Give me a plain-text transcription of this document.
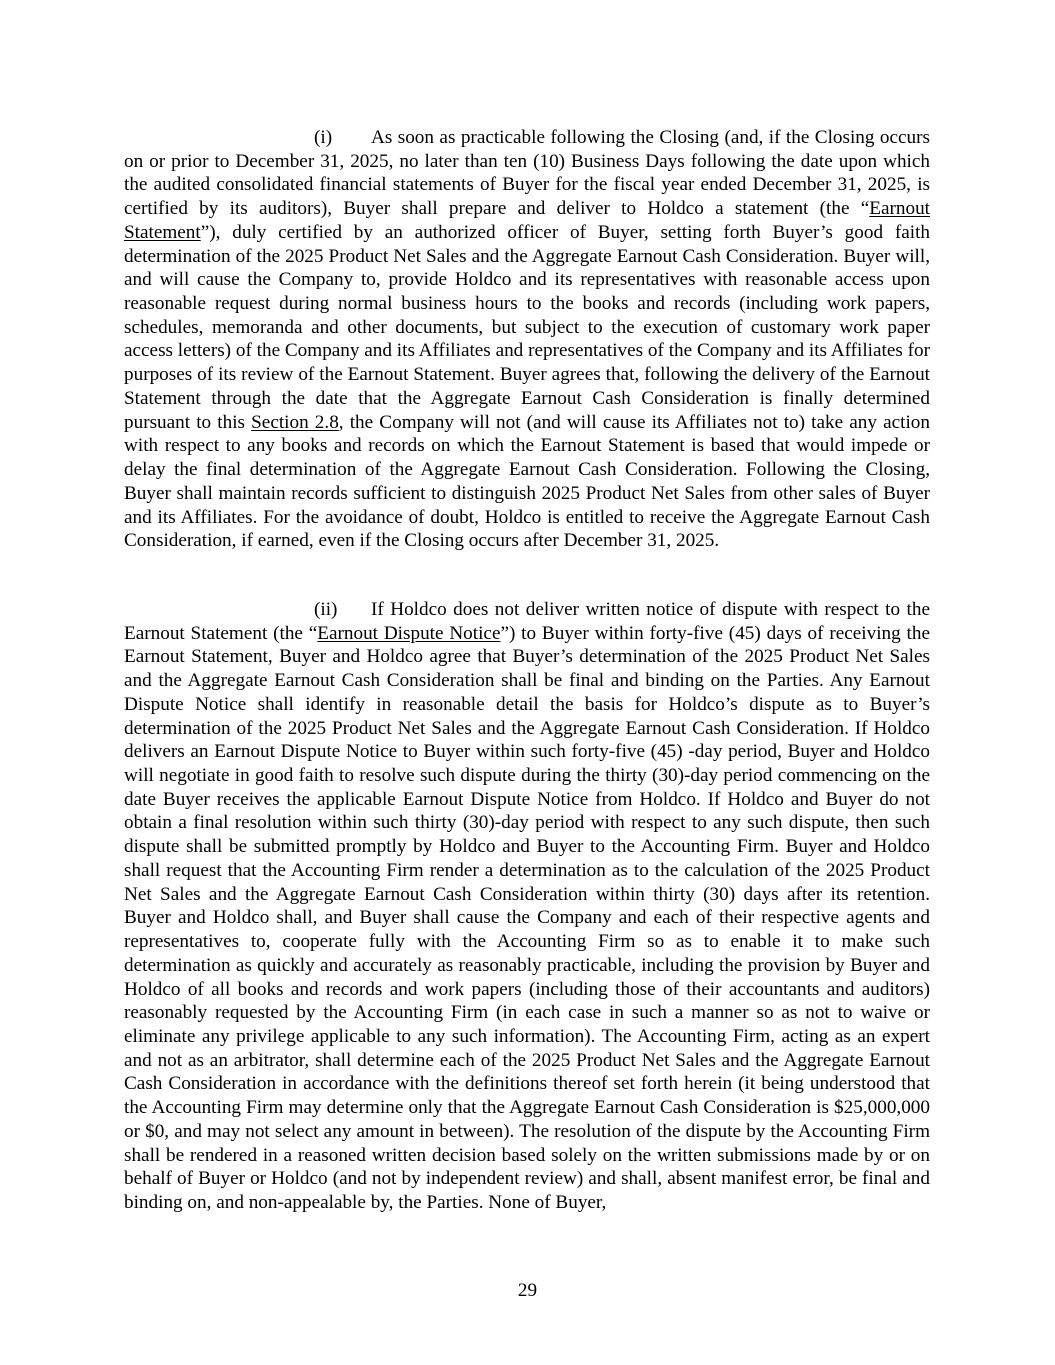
(i) As soon as practicable following the Closing (and, if the Closing occurs on or prior to December 31, 2025, no later than ten (10) Business Days following the date upon which the audited consolidated financial statements of Buyer for the fiscal year ended December 31, 2025, is certified by its auditors), Buyer shall prepare and deliver to Holdco a statement (the “Earnout Statement”), duly certified by an authorized officer of Buyer, setting forth Buyer’s good faith determination of the 2025 Product Net Sales and the Aggregate Earnout Cash Consideration. Buyer will, and will cause the Company to, provide Holdco and its representatives with reasonable access upon reasonable request during normal business hours to the books and records (including work papers, schedules, memoranda and other documents, but subject to the execution of customary work paper access letters) of the Company and its Affiliates and representatives of the Company and its Affiliates for purposes of its review of the Earnout Statement. Buyer agrees that, following the delivery of the Earnout Statement through the date that the Aggregate Earnout Cash Consideration is finally determined pursuant to this Section 2.8, the Company will not (and will cause its Affiliates not to) take any action with respect to any books and records on which the Earnout Statement is based that would impede or delay the final determination of the Aggregate Earnout Cash Consideration. Following the Closing, Buyer shall maintain records sufficient to distinguish 2025 Product Net Sales from other sales of Buyer and its Affiliates. For the avoidance of doubt, Holdco is entitled to receive the Aggregate Earnout Cash Consideration, if earned, even if the Closing occurs after December 31, 2025.

(ii) If Holdco does not deliver written notice of dispute with respect to the Earnout Statement (the “Earnout Dispute Notice”) to Buyer within forty-five (45) days of receiving the Earnout Statement, Buyer and Holdco agree that Buyer’s determination of the 2025 Product Net Sales and the Aggregate Earnout Cash Consideration shall be final and binding on the Parties. Any Earnout Dispute Notice shall identify in reasonable detail the basis for Holdco’s dispute as to Buyer’s determination of the 2025 Product Net Sales and the Aggregate Earnout Cash Consideration. If Holdco delivers an Earnout Dispute Notice to Buyer within such forty-five (45) -day period, Buyer and Holdco will negotiate in good faith to resolve such dispute during the thirty (30)-day period commencing on the date Buyer receives the applicable Earnout Dispute Notice from Holdco. If Holdco and Buyer do not obtain a final resolution within such thirty (30)-day period with respect to any such dispute, then such dispute shall be submitted promptly by Holdco and Buyer to the Accounting Firm. Buyer and Holdco shall request that the Accounting Firm render a determination as to the calculation of the 2025 Product Net Sales and the Aggregate Earnout Cash Consideration within thirty (30) days after its retention. Buyer and Holdco shall, and Buyer shall cause the Company and each of their respective agents and representatives to, cooperate fully with the Accounting Firm so as to enable it to make such determination as quickly and accurately as reasonably practicable, including the provision by Buyer and Holdco of all books and records and work papers (including those of their accountants and auditors) reasonably requested by the Accounting Firm (in each case in such a manner so as not to waive or eliminate any privilege applicable to any such information). The Accounting Firm, acting as an expert and not as an arbitrator, shall determine each of the 2025 Product Net Sales and the Aggregate Earnout Cash Consideration in accordance with the definitions thereof set forth herein (it being understood that the Accounting Firm may determine only that the Aggregate Earnout Cash Consideration is $25,000,000 or $0, and may not select any amount in between). The resolution of the dispute by the Accounting Firm shall be rendered in a reasoned written decision based solely on the written submissions made by or on behalf of Buyer or Holdco (and not by independent review) and shall, absent manifest error, be final and binding on, and non-appealable by, the Parties. None of Buyer,

29
